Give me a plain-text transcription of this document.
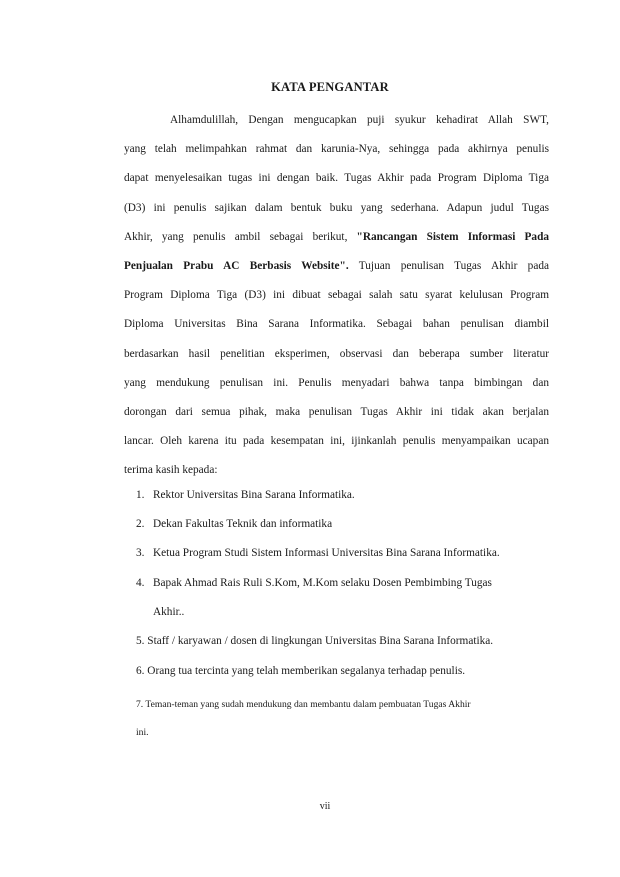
KATA PENGANTAR
Alhamdulillah, Dengan mengucapkan puji syukur kehadirat Allah SWT,
yang telah melimpahkan rahmat dan karunia-Nya, sehingga pada akhirnya penulis
dapat menyelesaikan tugas ini dengan baik. Tugas Akhir pada Program Diploma Tiga
(D3) ini penulis sajikan dalam bentuk buku yang sederhana. Adapun judul Tugas
Akhir, yang penulis ambil sebagai berikut, "Rancangan Sistem Informasi Pada
Penjualan Prabu AC Berbasis Website". Tujuan penulisan Tugas Akhir pada
Program Diploma Tiga (D3) ini dibuat sebagai salah satu syarat kelulusan Program
Diploma Universitas Bina Sarana Informatika. Sebagai bahan penulisan diambil
berdasarkan hasil penelitian eksperimen, observasi dan beberapa sumber literatur
yang mendukung penulisan ini. Penulis menyadari bahwa tanpa bimbingan dan
dorongan dari semua pihak, maka penulisan Tugas Akhir ini tidak akan berjalan
lancar. Oleh karena itu pada kesempatan ini, ijinkanlah penulis menyampaikan ucapan
terima kasih kepada:
1. Rektor Universitas Bina Sarana Informatika.
2. Dekan Fakultas Teknik dan informatika
3. Ketua Program Studi Sistem Informasi Universitas Bina Sarana Informatika.
4. Bapak Ahmad Rais Ruli S.Kom, M.Kom selaku Dosen Pembimbing Tugas
Akhir..
5. Staff / karyawan / dosen di lingkungan Universitas Bina Sarana Informatika.
6. Orang tua tercinta yang telah memberikan segalanya terhadap penulis.
7. Teman-teman yang sudah mendukung dan membantu dalam pembuatan Tugas Akhir
ini.
vii
